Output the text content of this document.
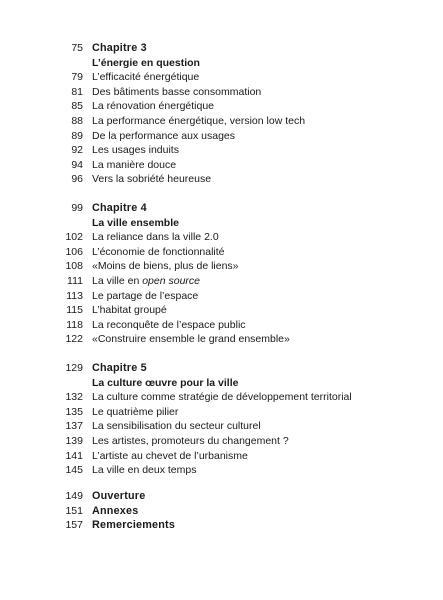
75 Chapitre 3
L’énergie en question
79 L’efficacité énergétique
81 Des bâtiments basse consommation
85 La rénovation énergétique
88 La performance énergétique, version low tech
89 De la performance aux usages
92 Les usages induits
94 La manière douce
96 Vers la sobriété heureuse
99 Chapitre 4
La ville ensemble
102 La reliance dans la ville 2.0
106 L’économie de fonctionnalité
108 «Moins de biens, plus de liens»
111 La ville en open source
113 Le partage de l’espace
115 L’habitat groupé
118 La reconquête de l’espace public
122 «Construire ensemble le grand ensemble»
129 Chapitre 5
La culture œuvre pour la ville
132 La culture comme stratégie de développement territorial
135 Le quatrième pilier
137 La sensibilisation du secteur culturel
139 Les artistes, promoteurs du changement ?
141 L’artiste au chevet de l’urbanisme
145 La ville en deux temps
149 Ouverture
151 Annexes
157 Remerciements
